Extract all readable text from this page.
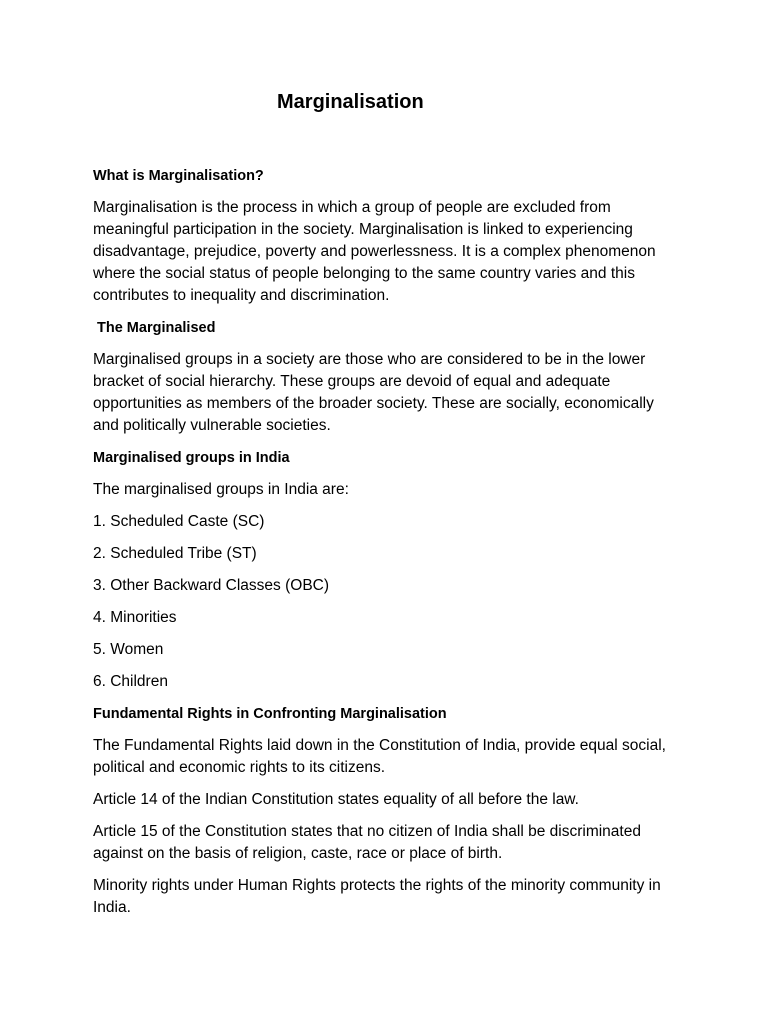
Marginalisation
What is Marginalisation?

Marginalisation is the process in which a group of people are excluded from meaningful participation in the society. Marginalisation is linked to experiencing disadvantage, prejudice, poverty and powerlessness. It is a complex phenomenon where the social status of people belonging to the same country varies and this contributes to inequality and discrimination.

The Marginalised

Marginalised groups in a society are those who are considered to be in the lower bracket of social hierarchy. These groups are devoid of equal and adequate opportunities as members of the broader society. These are socially, economically and politically vulnerable societies.

Marginalised groups in India

The marginalised groups in India are:

1. Scheduled Caste (SC)
2. Scheduled Tribe (ST)
3. Other Backward Classes (OBC)
4. Minorities
5. Women
6. Children
Fundamental Rights in Confronting Marginalisation

The Fundamental Rights laid down in the Constitution of India, provide equal social, political and economic rights to its citizens.

Article 14 of the Indian Constitution states equality of all before the law.

Article 15 of the Constitution states that no citizen of India shall be discriminated against on the basis of religion, caste, race or place of birth.

Minority rights under Human Rights protects the rights of the minority community in India.
